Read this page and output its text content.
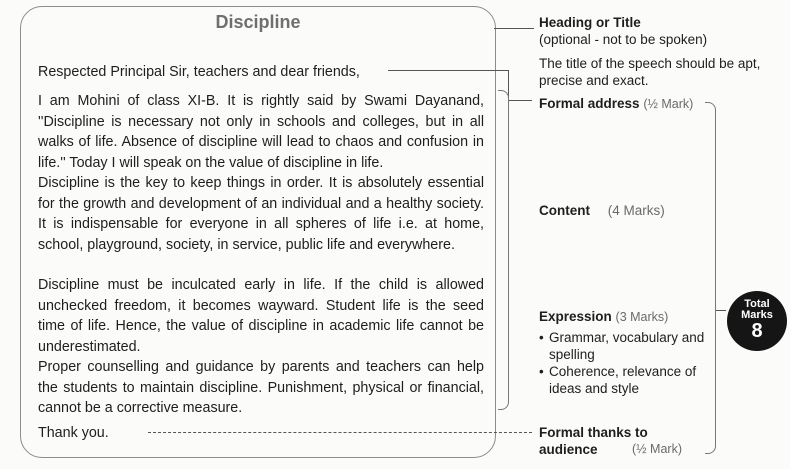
Discipline

Respected Principal Sir, teachers and dear friends,

I am Mohini of class XI-B. It is rightly said by Swami Dayanand, ''Discipline is necessary not only in schools and colleges, but in all walks of life. Absence of discipline will lead to chaos and confusion in life.'' Today I will speak on the value of discipline in life.

Discipline is the key to keep things in order. It is absolutely essential for the growth and development of an individual and a healthy society. It is indispensable for everyone in all spheres of life i.e. at home, school, playground, society, in service, public life and everywhere.

Discipline must be inculcated early in life. If the child is allowed unchecked freedom, it becomes wayward. Student life is the seed time of life. Hence, the value of discipline in academic life cannot be underestimated.

Proper counselling and guidance by parents and teachers can help the students to maintain discipline. Punishment, physical or financial, cannot be a corrective measure.

Thank you.

Heading or Title
(optional - not to be spoken)
The title of the speech should be apt, precise and exact.
Formal address (½ Mark)
Content (4 Marks)
Expression (3 Marks)
• Grammar, vocabulary and spelling
• Coherence, relevance of ideas and style
Formal thanks to audience	(½ Mark)
Total Marks
8
